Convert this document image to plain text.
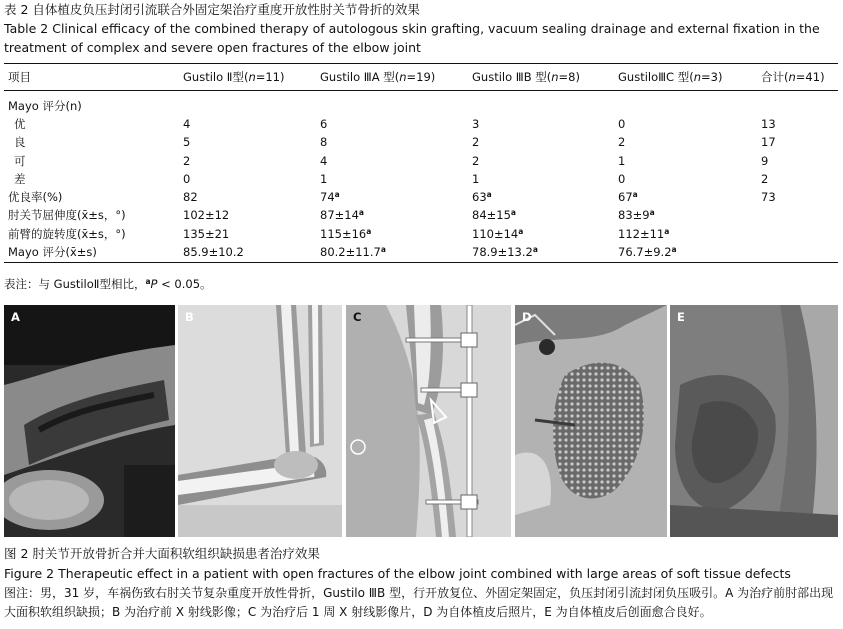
表 2 自体植皮负压封闭引流联合外固定架治疗重度开放性肘关节骨折的效果
Table 2 Clinical efficacy of the combined therapy of autologous skin grafting, vacuum sealing drainage and external fixation in the treatment of complex and severe open fractures of the elbow joint
项目	Gustilo Ⅱ型(n=11)	Gustilo ⅢA 型(n=19)	Gustilo ⅢB 型(n=8)	GustiloⅢC 型(n=3)	合计(n=41)
Mayo 评分(n)					
优	4	6	3	0	13
良	5	8	2	2	17
可	2	4	2	1	9
差	0	1	1	0	2
优良率(%)	82	74$^a$	63$^a$	67$^a$	73
肘关节屈伸度(x̄±s，°)	102±12	$87\pm 14^a$	$84\pm 15^a$	$83\pm 9^a$	
前臂的旋转度(x̄±s，°)	135±21	$115\pm 16^a$	$110\pm 14^a$	$112\pm 11^a$	
Mayo 评分(x̄±s)	85.9±10.2	80.2±11.7$^a$	78.9±13.2$^a$	76.7±9.2$^a$	
表注：与 GustiloⅡ型相比，$^a$P < 0.05。
A	B	C	D	E
图 2 肘关节开放骨折合并大面积软组织缺损患者治疗效果
Figure 2 Therapeutic effect in a patient with open fractures of the elbow joint combined with large areas of soft tissue defects
图注：男，31 岁，车祸伤致右肘关节复杂重度开放性骨折，Gustilo ⅢB 型，行开放复位、外固定架固定，负压封闭引流封闭负压吸引。A 为治疗前肘部出现大面积软组织缺损；B 为治疗前 X 射线影像；C 为治疗后 1 周 X 射线影像片，D 为自体植皮后照片，E 为自体植皮后创面愈合良好。
